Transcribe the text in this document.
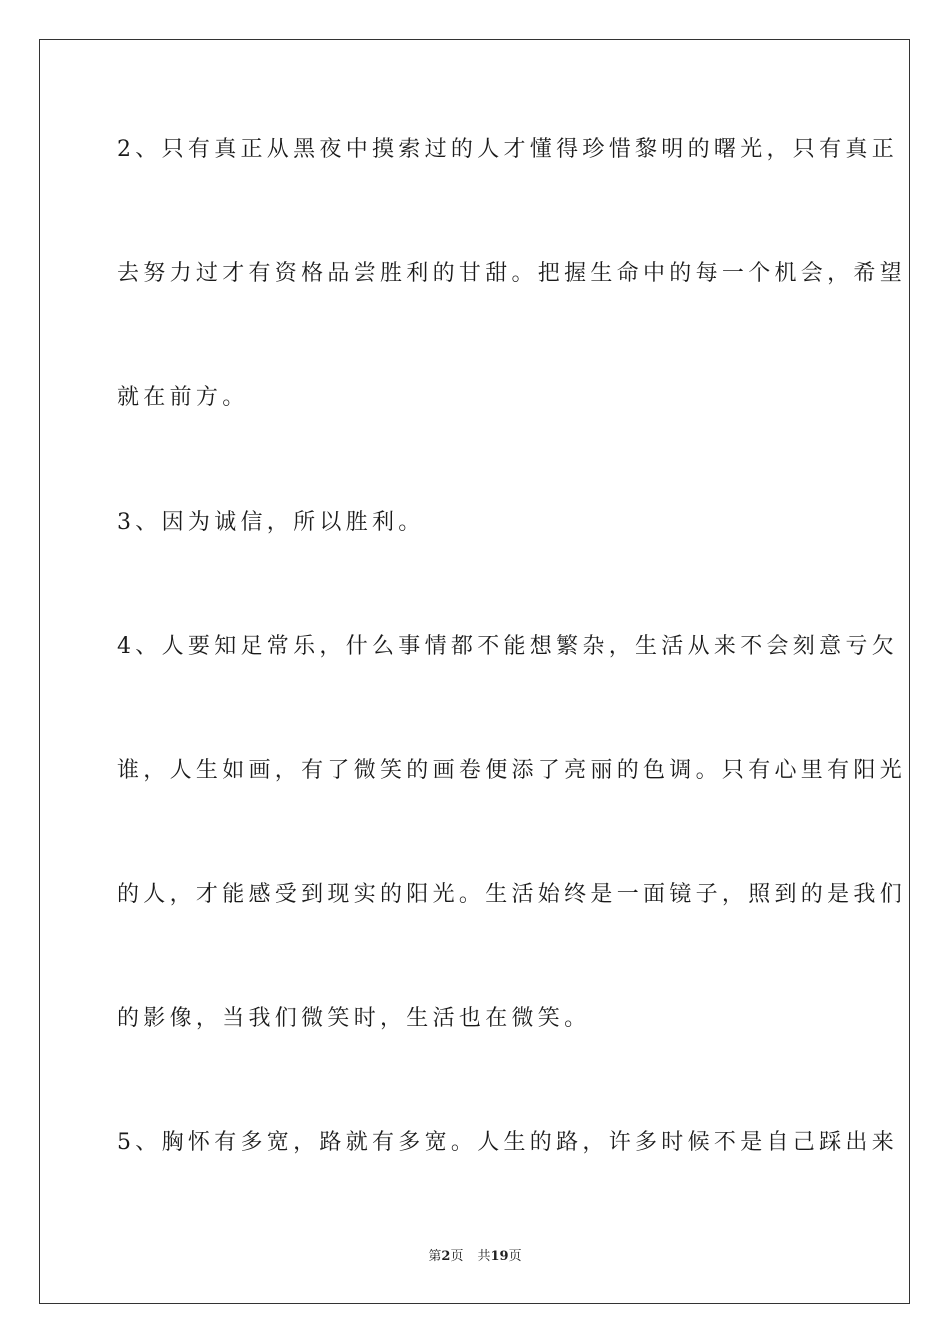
2、只有真正从黑夜中摸索过的人才懂得珍惜黎明的曙光，只有真正
去努力过才有资格品尝胜利的甘甜。把握生命中的每一个机会，希望
就在前方。
3、因为诚信，所以胜利。
4、人要知足常乐，什么事情都不能想繁杂，生活从来不会刻意亏欠
谁，人生如画，有了微笑的画卷便添了亮丽的色调。只有心里有阳光
的人，才能感受到现实的阳光。生活始终是一面镜子，照到的是我们
的影像，当我们微笑时，生活也在微笑。
5、胸怀有多宽，路就有多宽。人生的路，许多时候不是自己踩出来
第2页 共19页
